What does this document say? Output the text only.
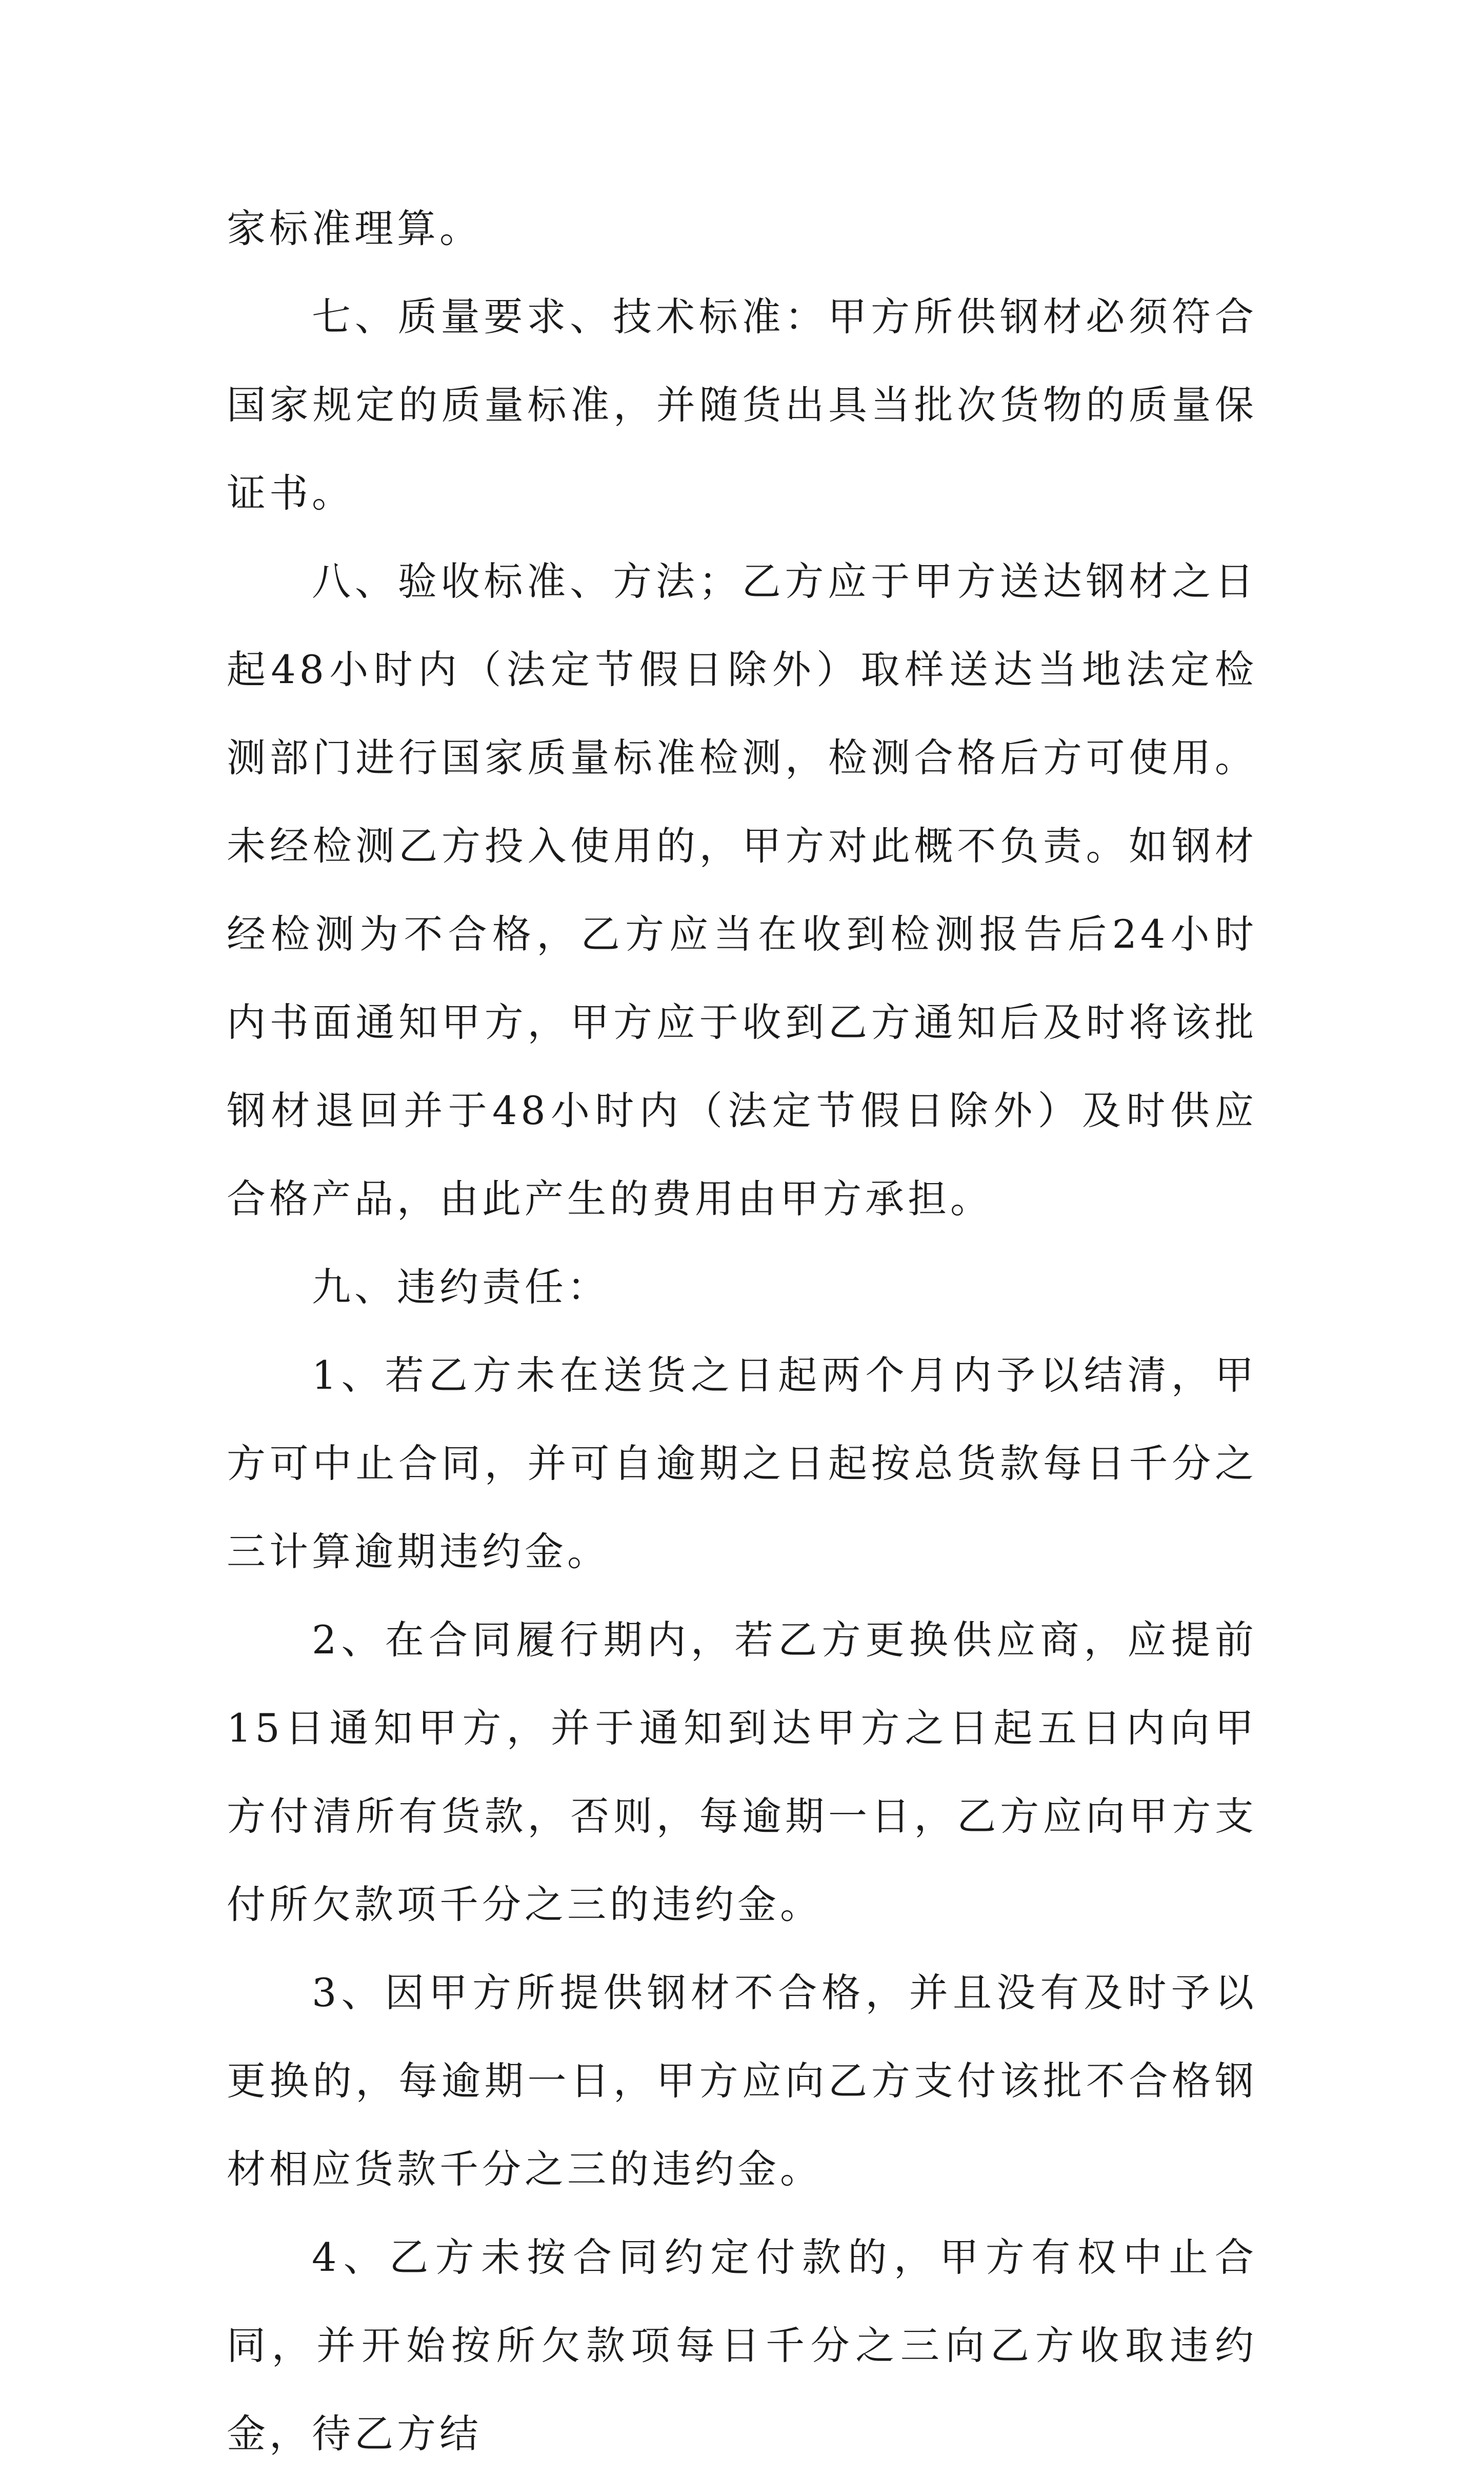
家标准理算。

七、质量要求、技术标准：甲方所供钢材必须符合国家规定的质量标准，并随货出具当批次货物的质量保证书。

八、验收标准、方法；乙方应于甲方送达钢材之日起48小时内（法定节假日除外）取样送达当地法定检测部门进行国家质量标准检测，检测合格后方可使用。未经检测乙方投入使用的，甲方对此概不负责。如钢材经检测为不合格，乙方应当在收到检测报告后24小时内书面通知甲方，甲方应于收到乙方通知后及时将该批钢材退回并于48小时内（法定节假日除外）及时供应合格产品，由此产生的费用由甲方承担。

九、违约责任：

1、若乙方未在送货之日起两个月内予以结清，甲方可中止合同，并可自逾期之日起按总货款每日千分之三计算逾期违约金。

2、在合同履行期内，若乙方更换供应商，应提前15日通知甲方，并于通知到达甲方之日起五日内向甲方付清所有货款，否则，每逾期一日，乙方应向甲方支付所欠款项千分之三的违约金。

3、因甲方所提供钢材不合格，并且没有及时予以更换的，每逾期一日，甲方应向乙方支付该批不合格钢材相应货款千分之三的违约金。

4、乙方未按合同约定付款的，甲方有权中止合同，并开始按所欠款项每日千分之三向乙方收取违约金，待乙方结
